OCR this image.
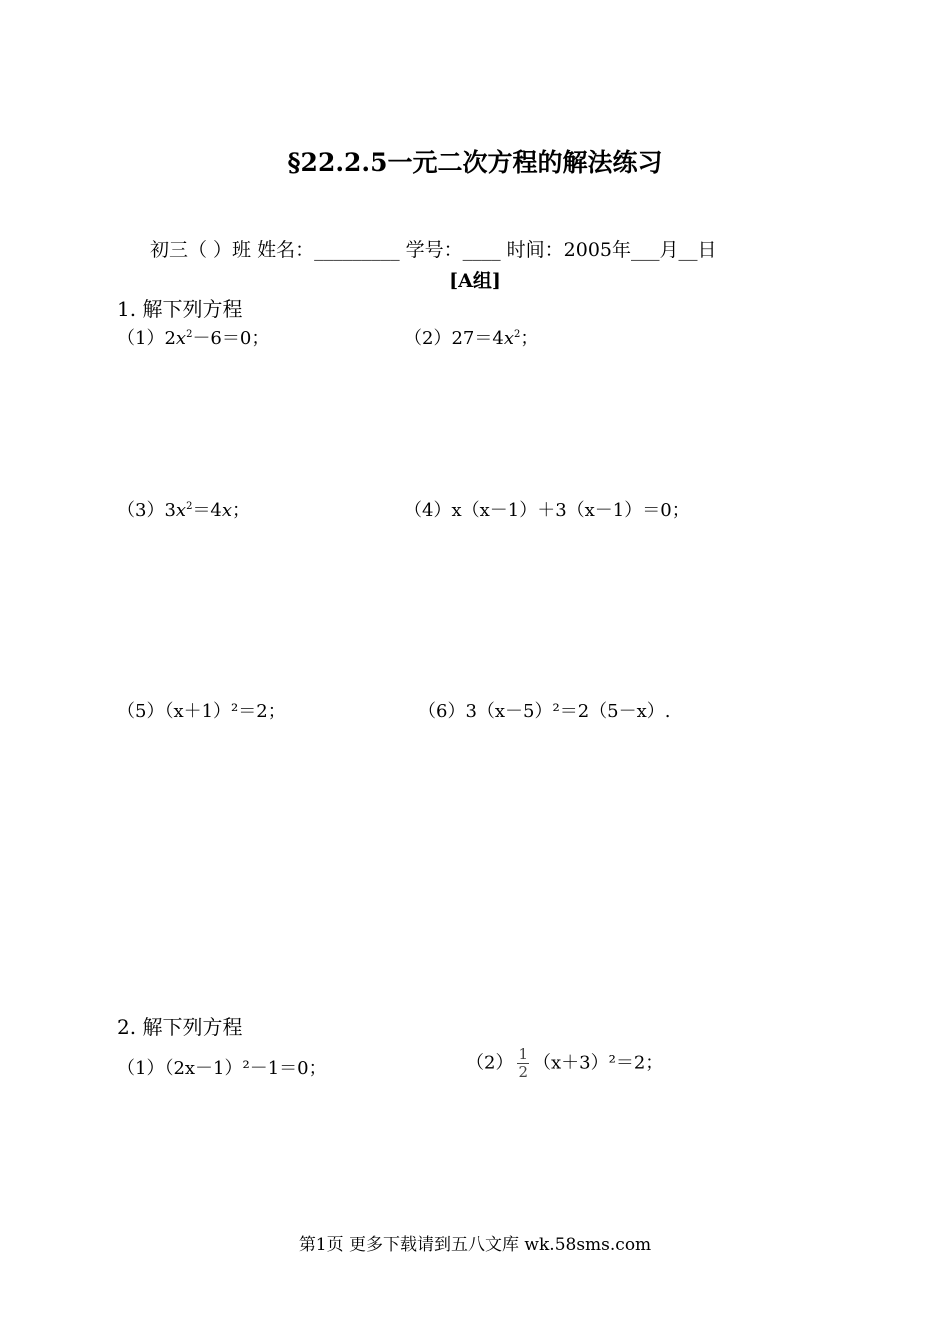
§22.2.5一元二次方程的解法练习
初三（ ）班 姓名：_________ 学号：____ 时间：2005年___月__日
[A组]
1. 解下列方程
$(1)2x^2-6=0$；	$(2)27=4x^2$；
$(3)3x^2=4x$；	（4）x（x－1）＋3（x－1）＝0；
（5）（x＋1）²＝2；	（6）3（x－5）²＝2（5－x）.
2. 解下列方程
（1）（2x－1）²－1＝0；	$(2) \frac{1}{2} (x+3)^2=2$；
第1页 更多下载请到五八文库 wk.58sms.com
